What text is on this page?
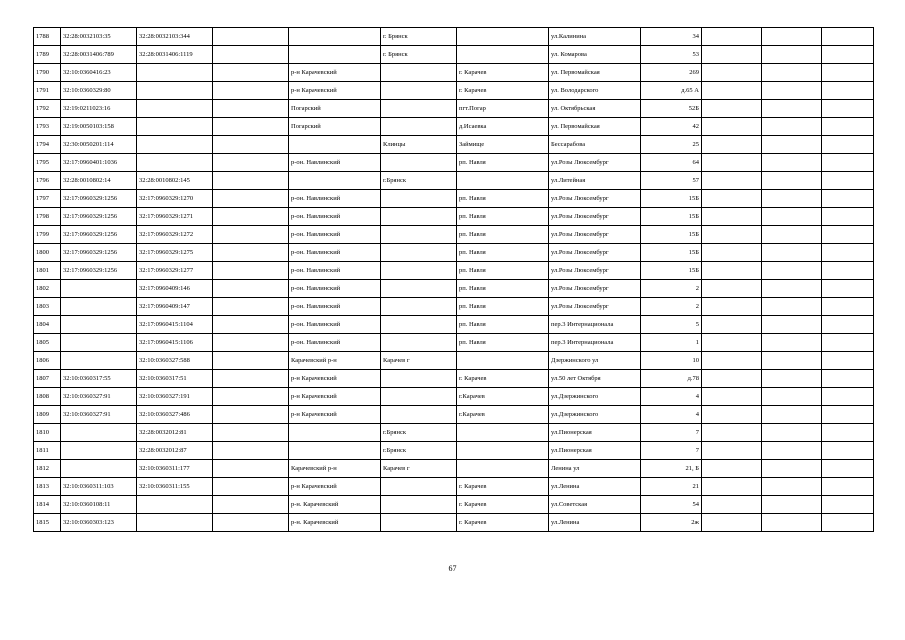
1788	32:28:0032103:35	32:28:0032103:344			г. Брянск		ул.Калинина	34			
1789	32:28:0031406:789	32:28:0031406:1119			г. Брянск		ул. Комарова	53			
1790	32:10:0360416:23			р-н Карачевский		г. Карачев	ул. Первомайская	269			
1791	32:10:0360329:80			р-н Карачевский		г. Карачев	ул. Володарского	д.65 А			
1792	32:19:0211023:16			Погарский		пгт.Погар	ул. Октябрьская	52Б			
1793	32:19:0050103:158			Погарский		д.Исаевка	ул. Первомайская	42			
1794	32:30:0050201:114				Клинцы	Займище	Бессарабова	25			
1795	32:17:0960401:1036			р-он. Навлинский		рп. Навля	ул.Розы Люксембург	64			
1796	32:28:0010802:14	32:28:0010802:145			г.Брянск		ул.Литейная	57			
1797	32:17:0960329:1256	32:17:0960329:1270		р-он. Навлинский		рп. Навля	ул.Розы Люксембург	15Б			
1798	32:17:0960329:1256	32:17:0960329:1271		р-он. Навлинский		рп. Навля	ул.Розы Люксембург	15Б			
1799	32:17:0960329:1256	32:17:0960329:1272		р-он. Навлинский		рп. Навля	ул.Розы Люксембург	15Б			
1800	32:17:0960329:1256	32:17:0960329:1275		р-он. Навлинский		рп. Навля	ул.Розы Люксембург	15Б			
1801	32:17:0960329:1256	32:17:0960329:1277		р-он. Навлинский		рп. Навля	ул.Розы Люксембург	15Б			
1802		32:17:0960409:146		р-он. Навлинский		рп. Навля	ул.Розы Люксембург	2			
1803		32:17:0960409:147		р-он. Навлинский		рп. Навля	ул.Розы Люксембург	2			
1804		32:17:0960415:1104		р-он. Навлинский		рп. Навля	пер.3 Интернационала	5			
1805		32:17:0960415:1106		р-он. Навлинский		рп. Навля	пер.3 Интернационала	1			
1806		32:10:0360327:588		Карачевский р-н	Карачев г		Дзержинского ул	10			
1807	32:10:0360317:55	32:10:0360317:51		р-н Карачевский		г. Карачев	ул.50 лет Октября	д.78			
1808	32:10:0360327:91	32:10:0360327:191		р-н Карачевский		г.Карачев	ул.Дзержинского	4			
1809	32:10:0360327:91	32:10:0360327:486		р-н Карачевский		г.Карачев	ул.Дзержинского	4			
1810		32:28:0032012:81			г.Брянск		ул.Пионерская	7			
1811		32:28:0032012:87			г.Брянск		ул.Пионерская	7			
1812		32:10:0360311:177		Карачевский р-н	Карачев г		Ленина ул	21, Б			
1813	32:10:0360311:103	32:10:0360311:155		р-н Карачевский		г. Карачев	ул.Ленина	21			
1814	32:10:0360108:11			р-н. Карачевский		г. Карачев	ул.Советская	54			
1815	32:10:0360303:123			р-н. Карачевский		г. Карачев	ул.Ленина	2ж			
67
